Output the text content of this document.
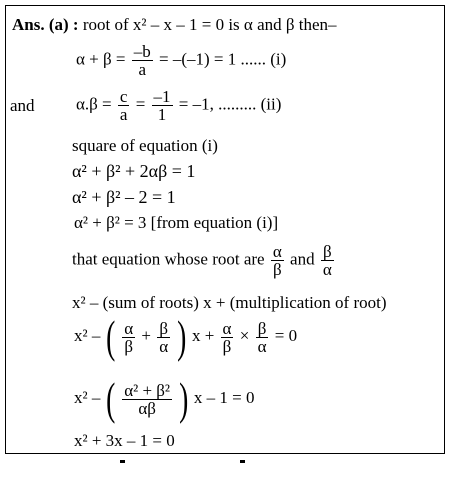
Ans. (a) : root of x² – x – 1 = 0 is α and β then–
$\alpha + \beta = \frac{-b}{a} = -(-1) = 1$ ...... (i)
and $\alpha.\beta = \frac{c}{a} = \frac{-1}{1} = -1$, ......... (ii)
square of equation (i)
α² + β² + 2αβ = 1
α² + β² – 2 = 1
α² + β² = 3 [from equation (i)]
that equation whose root are $\frac{\alpha}{\beta}$ and $\frac{\beta}{\alpha}$
x² – (sum of roots) x + (multiplication of root)
x² – ( $\frac{\alpha}{\beta} + \frac{\beta}{\alpha}$ ) $x + \frac{\alpha}{\beta} \times \frac{\beta}{\alpha} = 0$
x² – ( $\frac{\text{α² + β²}}{\alpha\beta}$ ) x – 1 = 0
x² + 3x – 1 = 0
